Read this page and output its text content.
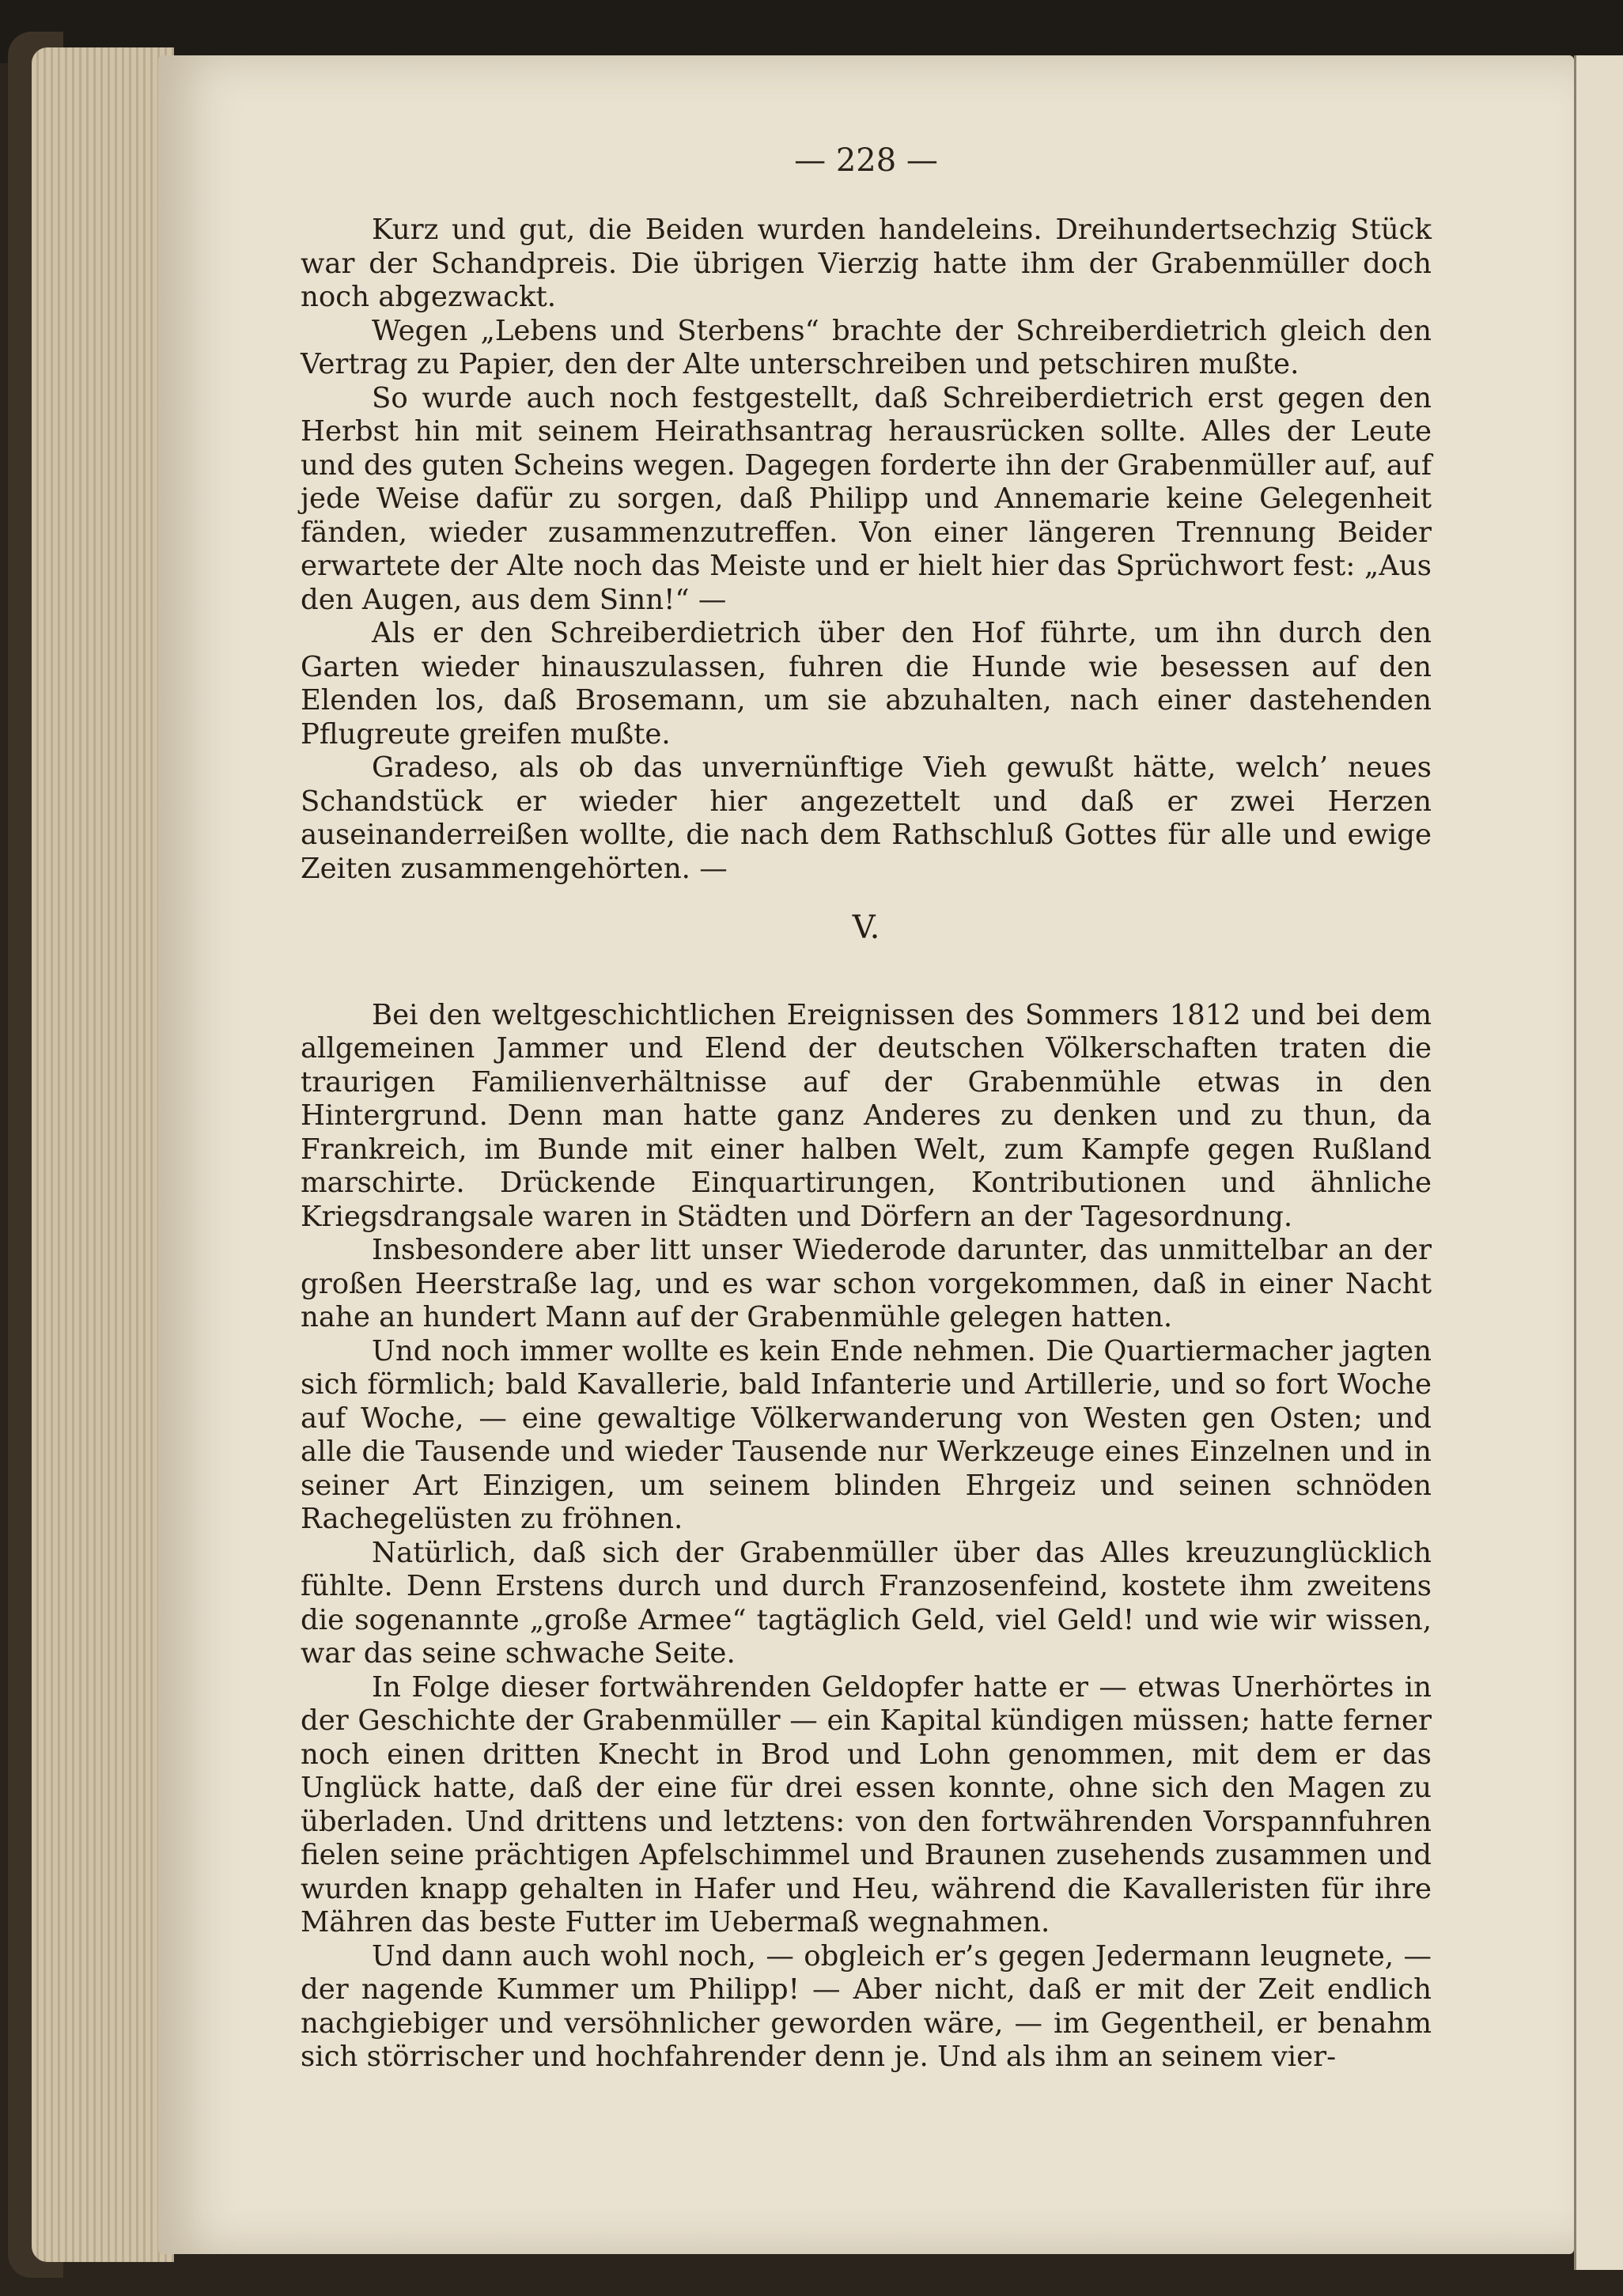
— 228 —

Kurz und gut, die Beiden wurden handeleins. Dreihundertsechzig Stück war der Schandpreis. Die übrigen Vierzig hatte ihm der Grabenmüller doch noch abgezwackt.

Wegen „Lebens und Sterbens“ brachte der Schreiberdietrich gleich den Vertrag zu Papier, den der Alte unterschreiben und petschiren mußte.

So wurde auch noch festgestellt, daß Schreiberdietrich erst gegen den Herbst hin mit seinem Heirathsantrag herausrücken sollte. Alles der Leute und des guten Scheins wegen. Dagegen forderte ihn der Grabenmüller auf, auf jede Weise dafür zu sorgen, daß Philipp und Annemarie keine Gelegenheit fänden, wieder zusammenzutreffen. Von einer längeren Trennung Beider erwartete der Alte noch das Meiste und er hielt hier das Sprüchwort fest: „Aus den Augen, aus dem Sinn!“ —

Als er den Schreiberdietrich über den Hof führte, um ihn durch den Garten wieder hinauszulassen, fuhren die Hunde wie besessen auf den Elenden los, daß Brosemann, um sie abzuhalten, nach einer dastehenden Pflugreute greifen mußte.

Gradeso, als ob das unvernünftige Vieh gewußt hätte, welch’ neues Schandstück er wieder hier angezettelt und daß er zwei Herzen auseinanderreißen wollte, die nach dem Rathschluß Gottes für alle und ewige Zeiten zusammengehörten. —

V.

Bei den weltgeschichtlichen Ereignissen des Sommers 1812 und bei dem allgemeinen Jammer und Elend der deutschen Völkerschaften traten die traurigen Familienverhältnisse auf der Grabenmühle etwas in den Hintergrund. Denn man hatte ganz Anderes zu denken und zu thun, da Frankreich, im Bunde mit einer halben Welt, zum Kampfe gegen Rußland marschirte. Drückende Einquartirungen, Kontributionen und ähnliche Kriegsdrangsale waren in Städten und Dörfern an der Tagesordnung.

Insbesondere aber litt unser Wiederode darunter, das unmittelbar an der großen Heerstraße lag, und es war schon vorgekommen, daß in einer Nacht nahe an hundert Mann auf der Grabenmühle gelegen hatten.

Und noch immer wollte es kein Ende nehmen. Die Quartiermacher jagten sich förmlich; bald Kavallerie, bald Infanterie und Artillerie, und so fort Woche auf Woche, — eine gewaltige Völkerwanderung von Westen gen Osten; und alle die Tausende und wieder Tausende nur Werkzeuge eines Einzelnen und in seiner Art Einzigen, um seinem blinden Ehrgeiz und seinen schnöden Rachegelüsten zu fröhnen.

Natürlich, daß sich der Grabenmüller über das Alles kreuzunglücklich fühlte. Denn Erstens durch und durch Franzosenfeind, kostete ihm zweitens die sogenannte „große Armee“ tagtäglich Geld, viel Geld! und wie wir wissen, war das seine schwache Seite.

In Folge dieser fortwährenden Geldopfer hatte er — etwas Unerhörtes in der Geschichte der Grabenmüller — ein Kapital kündigen müssen; hatte ferner noch einen dritten Knecht in Brod und Lohn genommen, mit dem er das Unglück hatte, daß der eine für drei essen konnte, ohne sich den Magen zu überladen. Und drittens und letztens: von den fortwährenden Vorspannfuhren fielen seine prächtigen Apfelschimmel und Braunen zusehends zusammen und wurden knapp gehalten in Hafer und Heu, während die Kavalleristen für ihre Mähren das beste Futter im Uebermaß wegnahmen.

Und dann auch wohl noch, — obgleich er’s gegen Jedermann leugnete, — der nagende Kummer um Philipp! — Aber nicht, daß er mit der Zeit endlich nachgiebiger und versöhnlicher geworden wäre, — im Gegentheil, er benahm sich störrischer und hochfahrender denn je. Und als ihm an seinem vier-
